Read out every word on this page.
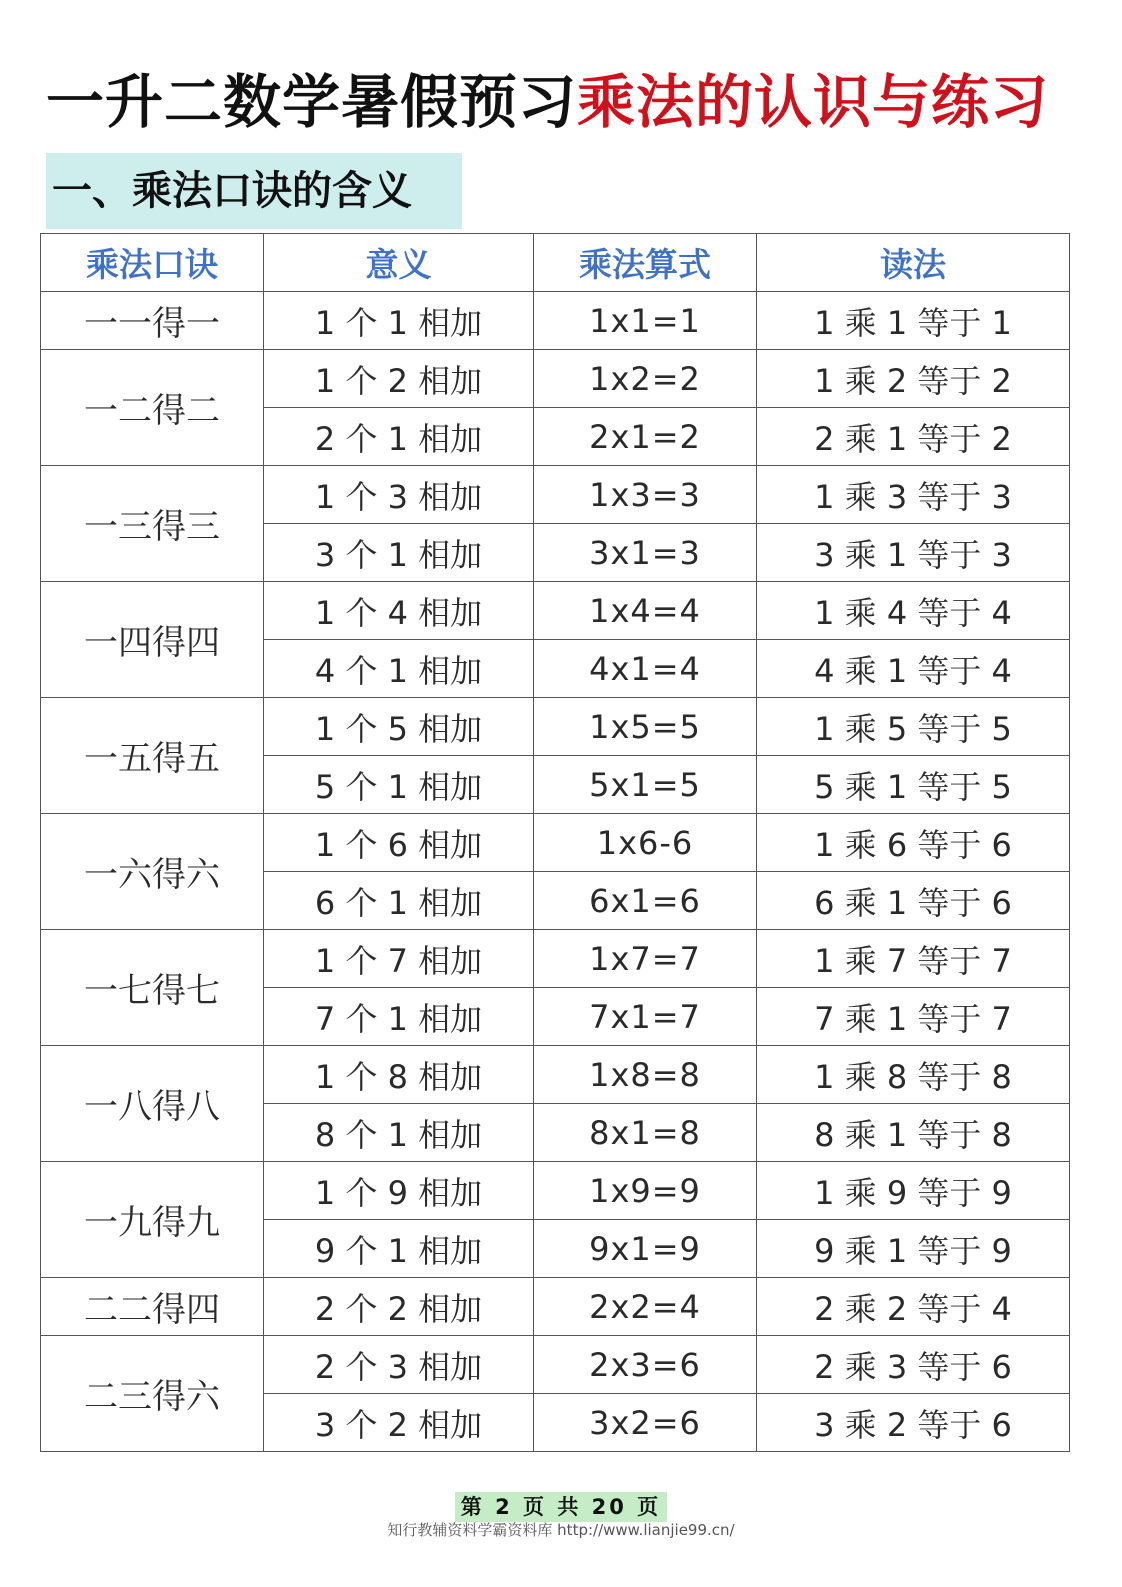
一升二数学暑假预习乘法的认识与练习
一、乘法口诀的含义
乘法口诀	意义	乘法算式	读法
一一得一	1 个 1 相加	1x1=1	1 乘 1 等于 1
一二得二	1 个 2 相加	1x2=2	1 乘 2 等于 2
	2 个 1 相加	2x1=2	2 乘 1 等于 2
一三得三	1 个 3 相加	1x3=3	1 乘 3 等于 3
	3 个 1 相加	3x1=3	3 乘 1 等于 3
一四得四	1 个 4 相加	1x4=4	1 乘 4 等于 4
	4 个 1 相加	4x1=4	4 乘 1 等于 4
一五得五	1 个 5 相加	1x5=5	1 乘 5 等于 5
	5 个 1 相加	5x1=5	5 乘 1 等于 5
一六得六	1 个 6 相加	1x6-6	1 乘 6 等于 6
	6 个 1 相加	6x1=6	6 乘 1 等于 6
一七得七	1 个 7 相加	1x7=7	1 乘 7 等于 7
	7 个 1 相加	7x1=7	7 乘 1 等于 7
一八得八	1 个 8 相加	1x8=8	1 乘 8 等于 8
	8 个 1 相加	8x1=8	8 乘 1 等于 8
一九得九	1 个 9 相加	1x9=9	1 乘 9 等于 9
	9 个 1 相加	9x1=9	9 乘 1 等于 9
二二得四	2 个 2 相加	2x2=4	2 乘 2 等于 4
二三得六	2 个 3 相加	2x3=6	2 乘 3 等于 6
	3 个 2 相加	3x2=6	3 乘 2 等于 6
第 2 页 共 20 页
知行教辅资料学霸资料库 http://www.lianjie99.cn/
